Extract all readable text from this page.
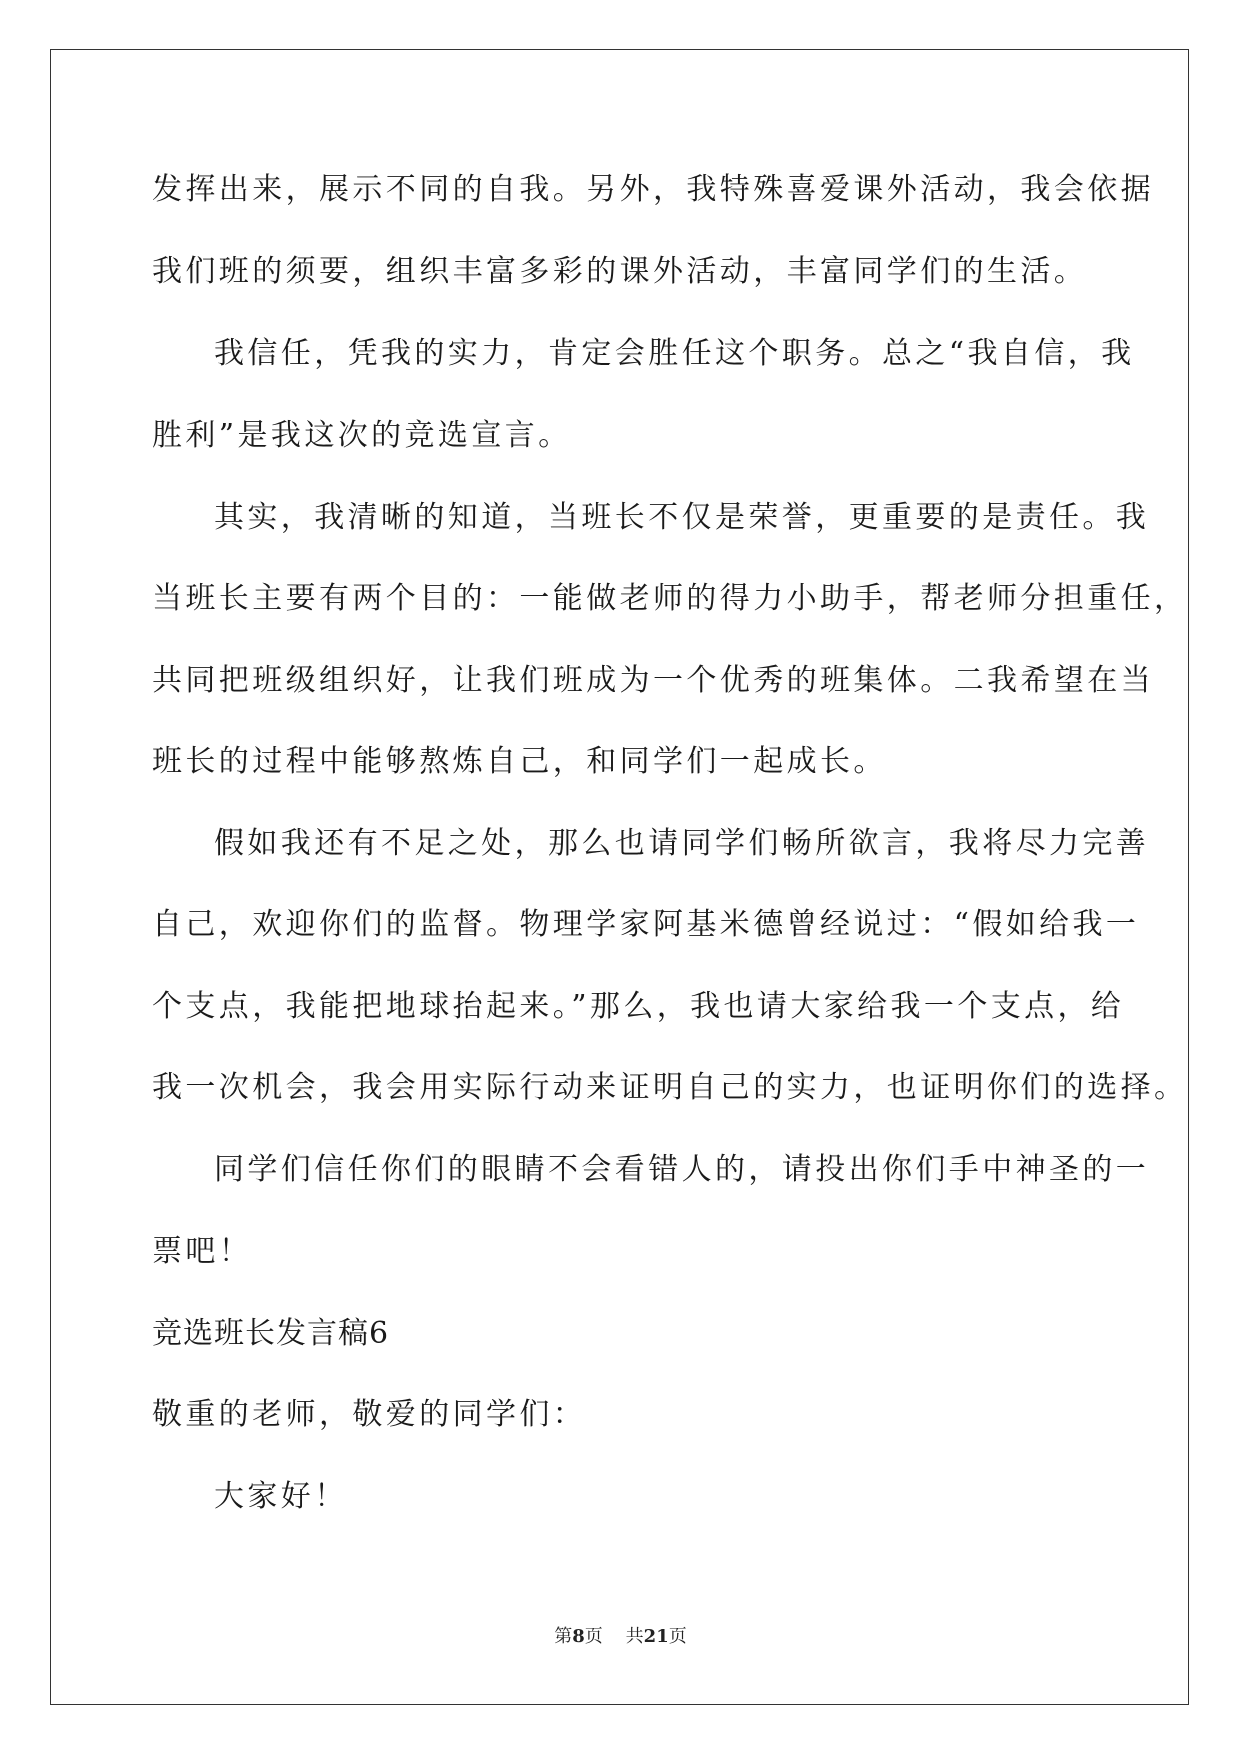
发挥出来，展示不同的自我。另外，我特殊喜爱课外活动，我会依据
我们班的须要，组织丰富多彩的课外活动，丰富同学们的生活。
我信任，凭我的实力，肯定会胜任这个职务。总之“我自信，我
胜利”是我这次的竞选宣言。
其实，我清晰的知道，当班长不仅是荣誉，更重要的是责任。我
当班长主要有两个目的：一能做老师的得力小助手，帮老师分担重任，
共同把班级组织好，让我们班成为一个优秀的班集体。二我希望在当
班长的过程中能够熬炼自己，和同学们一起成长。
假如我还有不足之处，那么也请同学们畅所欲言，我将尽力完善
自己，欢迎你们的监督。物理学家阿基米德曾经说过：“假如给我一
个支点，我能把地球抬起来。”那么，我也请大家给我一个支点，给
我一次机会，我会用实际行动来证明自己的实力，也证明你们的选择。
同学们信任你们的眼睛不会看错人的，请投出你们手中神圣的一
票吧！
竞选班长发言稿6
敬重的老师，敬爱的同学们：
大家好！
第8页 共21页
